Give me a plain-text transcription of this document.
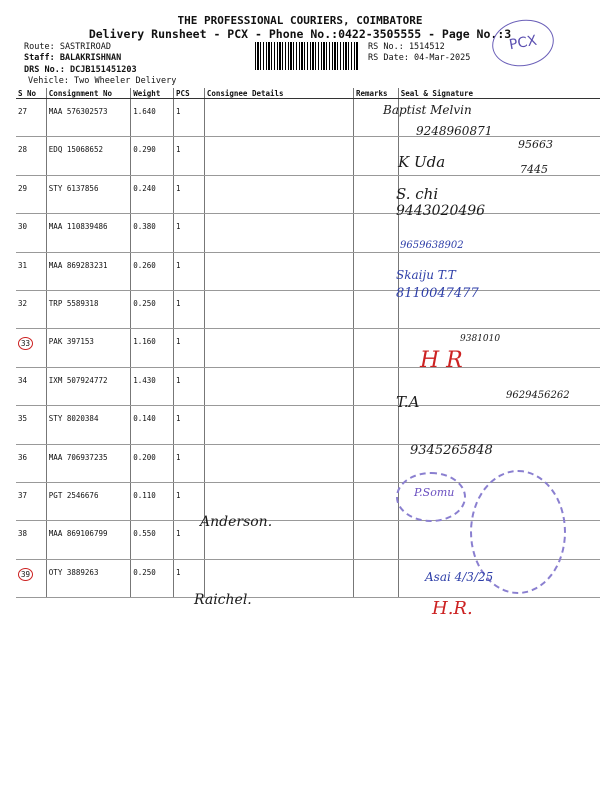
THE PROFESSIONAL COURIERS, COIMBATORE
Delivery Runsheet - PCX - Phone No.:0422-3505555 - Page No.:3
Route: SASTRIROAD
Staff: BALAKRISHNAN
DRS No.: DCJB151451203
Vehicle: Two Wheeler Delivery
RS No.: 1514512
RS Date: 04-Mar-2025
PCX
S No	Consignment No	Weight	PCS	Consignee Details	Remarks	Seal & Signature
27	MAA 576302573	1.640	1			
28	EDQ 15068652	0.290	1			
29	STY 6137856	0.240	1			
30	MAA 110839486	0.380	1			
31	MAA 869283231	0.260	1			
32	TRP 5589318	0.250	1			
33	PAK 397153	1.160	1			
34	IXM 507924772	1.430	1			
35	STY 8020384	0.140	1			
36	MAA 706937235	0.200	1			
37	PGT 2546676	0.110	1			
38	MAA 869106799	0.550	1			
39	OTY 3889263	0.250	1			
Baptist Melvin
9248960871
95663
K Uda	7445
S. chi
9443020496
9659638902
Skaiju T.T
8110047477
9381010
H R
T.A	9629456262
9345265848
P.Somu
Anderson.
Asai 4/3/25
Raichel.	H.R.
